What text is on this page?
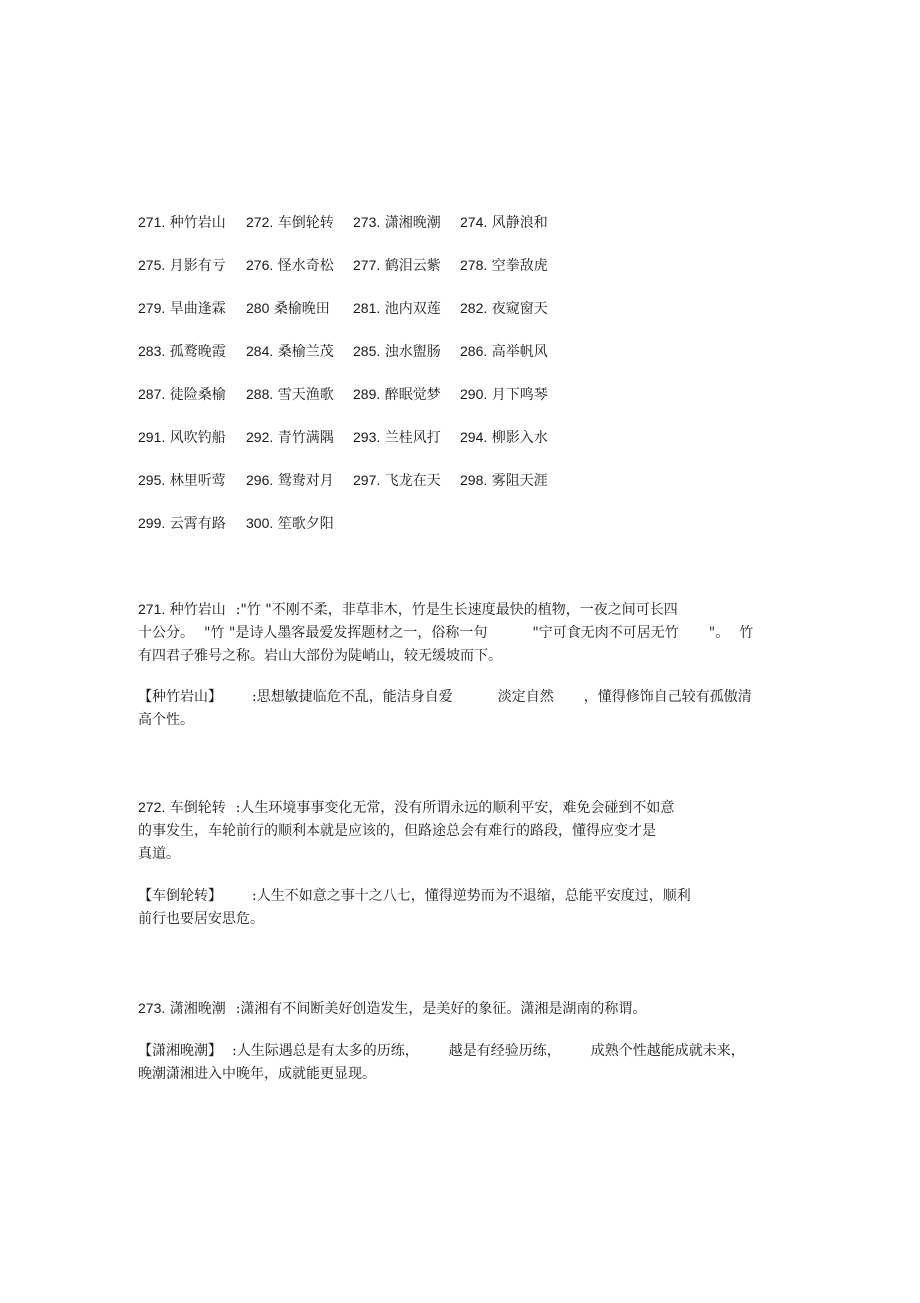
271. 种竹岩山 272. 车倒轮转 273. 潇湘晚潮 274. 风静浪和
275. 月影有亏 276. 怪水奇松 277. 鹤泪云紫 278. 空拳敌虎
279. 旱曲逢霖 280 桑榆晚田 281. 池内双莲 282. 夜窥窗天
283. 孤鹜晚霞 284. 桑榆兰茂 285. 浊水盥肠 286. 高举帆风
287. 徒险桑榆 288. 雪天渔歌 289. 醉眠觉梦 290. 月下鸣琴
291. 风吹钓船 292. 青竹满隅 293. 兰桂风打 294. 柳影入水
295. 林里听莺 296. 鸳鸯对月 297. 飞龙在天 298. 雾阻天涯
299. 云霄有路 300. 笙歌夕阳
271. 种竹岩山 :"竹 "不刚不柔，非草非木，竹是生长速度最快的植物，一夜之间可长四
十公分。 "竹 "是诗人墨客最爱发挥题材之一，俗称一句	"宁可食无肉不可居无竹 "。 竹
有四君子雅号之称。岩山大部份为陡峭山，较无缓坡而下。
【种竹岩山】 :思想敏捷临危不乱，能洁身自爱	淡定自然 ，懂得修饰自己较有孤傲清
高个性。
272. 车倒轮转 :人生环境事事变化无常，没有所谓永远的顺利平安，难免会碰到不如意
的事发生，车轮前行的顺利本就是应该的，但路途总会有难行的路段，懂得应变才是
真道。
【车倒轮转】 :人生不如意之事十之八七，懂得逆势而为不退缩，总能平安度过，顺利
前行也要居安思危。
273. 潇湘晚潮 :潇湘有不间断美好创造发生，是美好的象征。潇湘是湖南的称谓。
【潇湘晚潮】 :人生际遇总是有太多的历练， 越是有经验历练， 成熟个性越能成就未来，
晚潮潇湘进入中晚年，成就能更显现。
